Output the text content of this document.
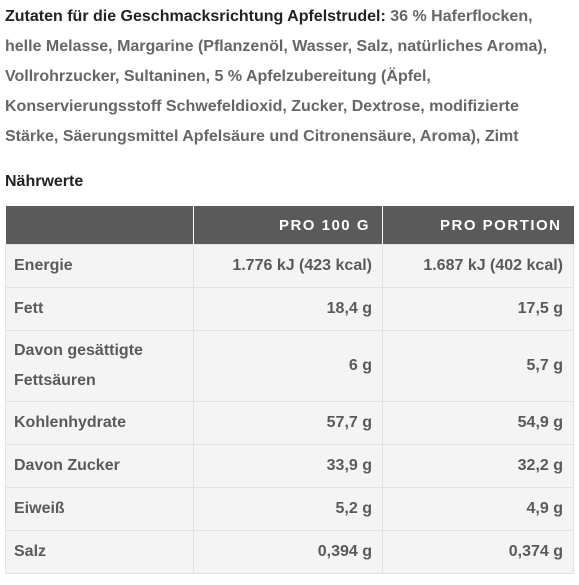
Zutaten für die Geschmacksrichtung Apfelstrudel: 36 % Haferflocken, helle Melasse, Margarine (Pflanzenöl, Wasser, Salz, natürliches Aroma), Vollrohrzucker, Sultaninen, 5 % Apfelzubereitung (Äpfel, Konservierungsstoff Schwefeldioxid, Zucker, Dextrose, modifizierte Stärke, Säerungsmittel Apfelsäure und Citronensäure, Aroma), Zimt

Nährwerte
	PRO 100 G	PRO PORTION
Energie	1.776 kJ (423 kcal)	1.687 kJ (402 kcal)
Fett	18,4 g	17,5 g
Davon gesättigte Fettsäuren	6 g	5,7 g
Kohlenhydrate	57,7 g	54,9 g
Davon Zucker	33,9 g	32,2 g
Eiweiß	5,2 g	4,9 g
Salz	0,394 g	0,374 g
